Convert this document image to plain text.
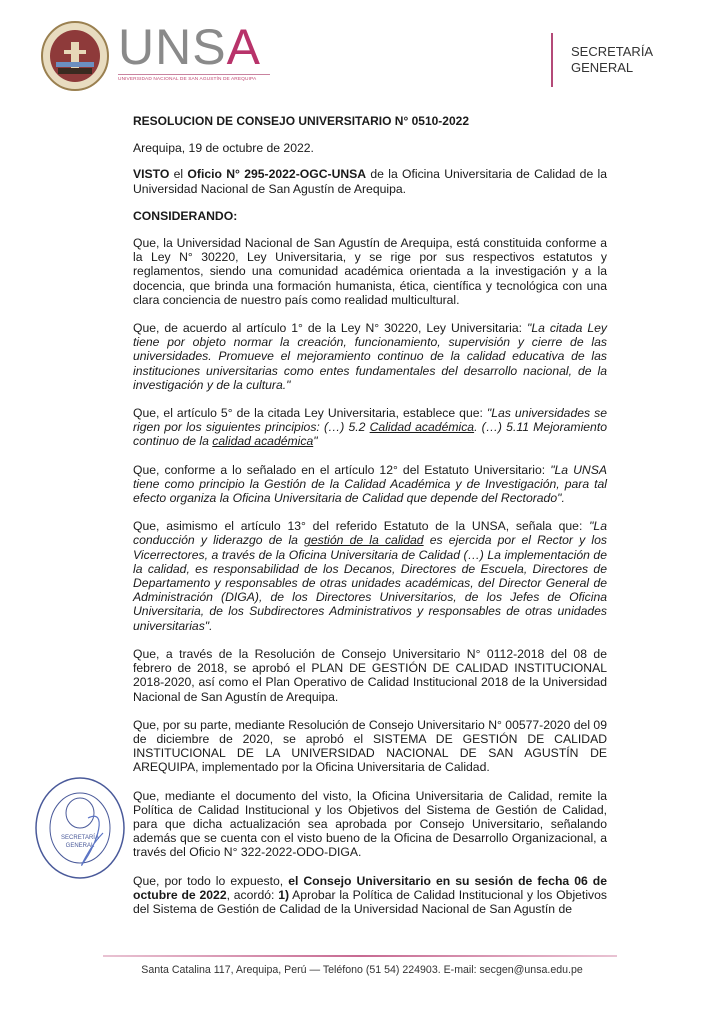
UNSA
UNIVERSIDAD NACIONAL DE SAN AGUSTÍN DE AREQUIPA
SECRETARÍA
GENERAL

RESOLUCION DE CONSEJO UNIVERSITARIO N° 0510-2022

Arequipa, 19 de octubre de 2022.

VISTO el Oficio N° 295-2022-OGC-UNSA de la Oficina Universitaria de Calidad de la Universidad Nacional de San Agustín de Arequipa.

CONSIDERANDO:

Que, la Universidad Nacional de San Agustín de Arequipa, está constituida conforme a la Ley N° 30220, Ley Universitaria, y se rige por sus respectivos estatutos y reglamentos, siendo una comunidad académica orientada a la investigación y a la docencia, que brinda una formación humanista, ética, científica y tecnológica con una clara conciencia de nuestro país como realidad multicultural.

Que, de acuerdo al artículo 1° de la Ley N° 30220, Ley Universitaria: "La citada Ley tiene por objeto normar la creación, funcionamiento, supervisión y cierre de las universidades. Promueve el mejoramiento continuo de la calidad educativa de las instituciones universitarias como entes fundamentales del desarrollo nacional, de la investigación y de la cultura."

Que, el artículo 5° de la citada Ley Universitaria, establece que: "Las universidades se rigen por los siguientes principios: (…) 5.2 Calidad académica. (…) 5.11 Mejoramiento continuo de la calidad académica"

Que, conforme a lo señalado en el artículo 12° del Estatuto Universitario: "La UNSA tiene como principio la Gestión de la Calidad Académica y de Investigación, para tal efecto organiza la Oficina Universitaria de Calidad que depende del Rectorado".

Que, asimismo el artículo 13° del referido Estatuto de la UNSA, señala que: "La conducción y liderazgo de la gestión de la calidad es ejercida por el Rector y los Vicerrectores, a través de la Oficina Universitaria de Calidad (…) La implementación de la calidad, es responsabilidad de los Decanos, Directores de Escuela, Directores de Departamento y responsables de otras unidades académicas, del Director General de Administración (DIGA), de los Directores Universitarios, de los Jefes de Oficina Universitaria, de los Subdirectores Administrativos y responsables de otras unidades universitarias".

Que, a través de la Resolución de Consejo Universitario N° 0112-2018 del 08 de febrero de 2018, se aprobó el PLAN DE GESTIÓN DE CALIDAD INSTITUCIONAL 2018-2020, así como el Plan Operativo de Calidad Institucional 2018 de la Universidad Nacional de San Agustín de Arequipa.

Que, por su parte, mediante Resolución de Consejo Universitario N° 00577-2020 del 09 de diciembre de 2020, se aprobó el SISTEMA DE GESTIÓN DE CALIDAD INSTITUCIONAL DE LA UNIVERSIDAD NACIONAL DE SAN AGUSTÍN DE AREQUIPA, implementado por la Oficina Universitaria de Calidad.

Que, mediante el documento del visto, la Oficina Universitaria de Calidad, remite la Política de Calidad Institucional y los Objetivos del Sistema de Gestión de Calidad, para que dicha actualización sea aprobada por Consejo Universitario, señalando además que se cuenta con el visto bueno de la Oficina de Desarrollo Organizacional, a través del Oficio N° 322-2022-ODO-DIGA.

Que, por todo lo expuesto, el Consejo Universitario en su sesión de fecha 06 de octubre de 2022, acordó: 1) Aprobar la Política de Calidad Institucional y los Objetivos del Sistema de Gestión de Calidad de la Universidad Nacional de San Agustín de

SECRETARÍA
GENERAL
Santa Catalina 117, Arequipa, Perú — Teléfono (51 54) 224903. E-mail: secgen@unsa.edu.pe
